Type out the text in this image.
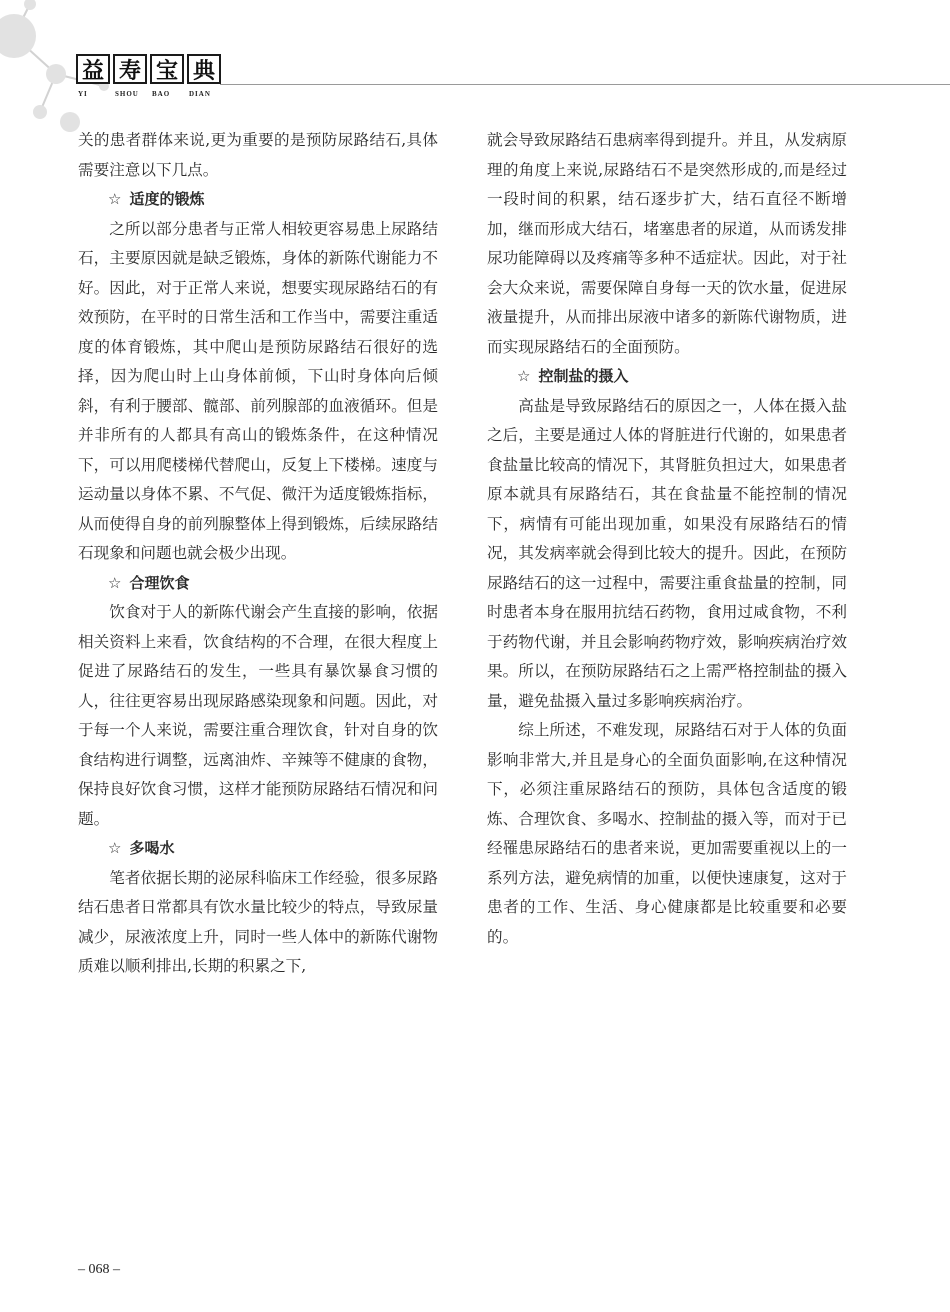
益 寿 宝 典
YI	SHOU	BAO	DIAN

关的患者群体来说,更为重要的是预防尿路结石,具体需要注意以下几点。

☆ 适度的锻炼

之所以部分患者与正常人相较更容易患上尿路结石，主要原因就是缺乏锻炼，身体的新陈代谢能力不好。因此，对于正常人来说，想要实现尿路结石的有效预防，在平时的日常生活和工作当中，需要注重适度的体育锻炼，其中爬山是预防尿路结石很好的选择，因为爬山时上山身体前倾，下山时身体向后倾斜，有利于腰部、髋部、前列腺部的血液循环。但是并非所有的人都具有高山的锻炼条件，在这种情况下，可以用爬楼梯代替爬山，反复上下楼梯。速度与运动量以身体不累、不气促、微汗为适度锻炼指标，从而使得自身的前列腺整体上得到锻炼，后续尿路结石现象和问题也就会极少出现。

☆ 合理饮食

饮食对于人的新陈代谢会产生直接的影响，依据相关资料上来看，饮食结构的不合理，在很大程度上促进了尿路结石的发生，一些具有暴饮暴食习惯的人，往往更容易出现尿路感染现象和问题。因此，对于每一个人来说，需要注重合理饮食，针对自身的饮食结构进行调整，远离油炸、辛辣等不健康的食物，保持良好饮食习惯，这样才能预防尿路结石情况和问题。

☆ 多喝水

笔者依据长期的泌尿科临床工作经验，很多尿路结石患者日常都具有饮水量比较少的特点，导致尿量减少，尿液浓度上升，同时一些人体中的新陈代谢物质难以顺利排出,长期的积累之下,

就会导致尿路结石患病率得到提升。并且，从发病原理的角度上来说,尿路结石不是突然形成的,而是经过一段时间的积累，结石逐步扩大，结石直径不断增加，继而形成大结石，堵塞患者的尿道，从而诱发排尿功能障碍以及疼痛等多种不适症状。因此，对于社会大众来说，需要保障自身每一天的饮水量，促进尿液量提升，从而排出尿液中诸多的新陈代谢物质，进而实现尿路结石的全面预防。

☆ 控制盐的摄入

高盐是导致尿路结石的原因之一，人体在摄入盐之后，主要是通过人体的肾脏进行代谢的，如果患者食盐量比较高的情况下，其肾脏负担过大，如果患者原本就具有尿路结石，其在食盐量不能控制的情况下，病情有可能出现加重，如果没有尿路结石的情况，其发病率就会得到比较大的提升。因此，在预防尿路结石的这一过程中，需要注重食盐量的控制，同时患者本身在服用抗结石药物，食用过咸食物，不利于药物代谢，并且会影响药物疗效，影响疾病治疗效果。所以，在预防尿路结石之上需严格控制盐的摄入量，避免盐摄入量过多影响疾病治疗。

综上所述，不难发现，尿路结石对于人体的负面影响非常大,并且是身心的全面负面影响,在这种情况下，必须注重尿路结石的预防，具体包含适度的锻炼、合理饮食、多喝水、控制盐的摄入等，而对于已经罹患尿路结石的患者来说，更加需要重视以上的一系列方法，避免病情的加重，以便快速康复，这对于患者的工作、生活、身心健康都是比较重要和必要的。

– 068 –
